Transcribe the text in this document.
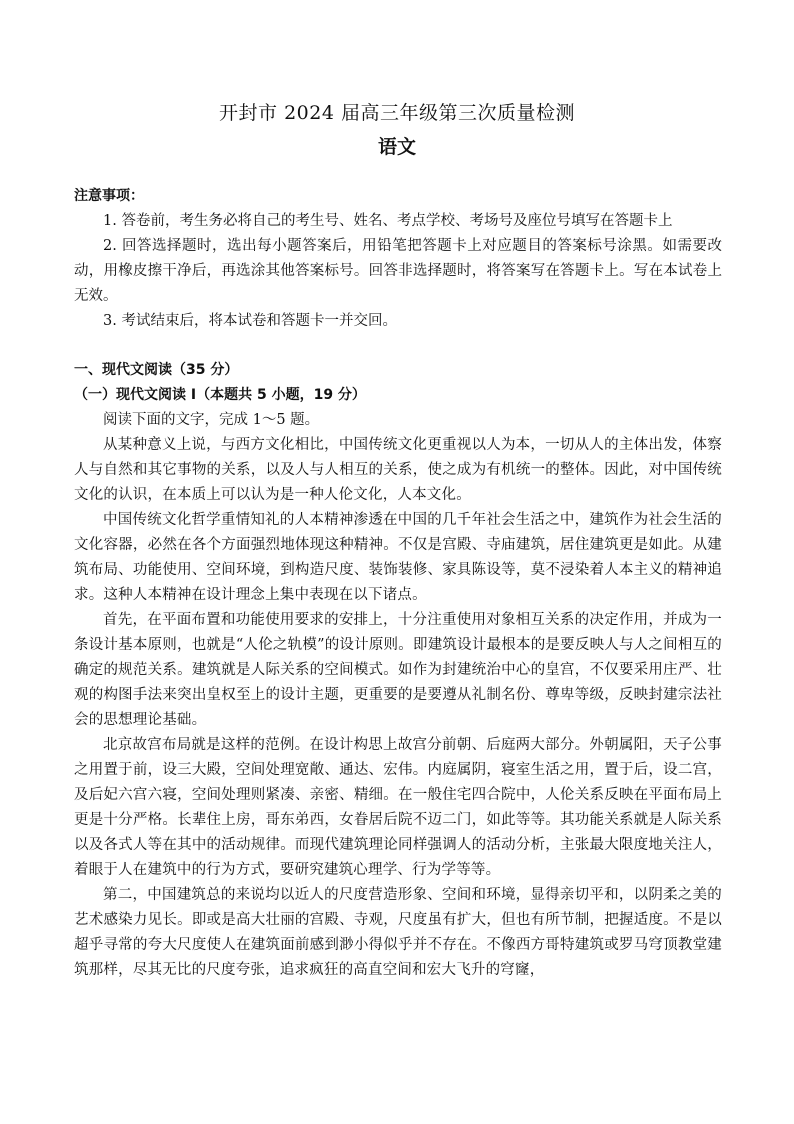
开封市 2024 届高三年级第三次质量检测
语文

注意事项：

1. 答卷前，考生务必将自己的考生号、姓名、考点学校、考场号及座位号填写在答题卡上

2. 回答选择题时，选出每小题答案后，用铅笔把答题卡上对应题目的答案标号涂黑。如需要改动，用橡皮擦干净后，再选涂其他答案标号。回答非选择题时，将答案写在答题卡上。写在本试卷上无效。

3. 考试结束后，将本试卷和答题卡一并交回。

一、现代文阅读（35 分）

（一）现代文阅读 I（本题共 5 小题，19 分）

阅读下面的文字，完成 1～5 题。

从某种意义上说，与西方文化相比，中国传统文化更重视以人为本，一切从人的主体出发，体察人与自然和其它事物的关系，以及人与人相互的关系，使之成为有机统一的整体。因此，对中国传统文化的认识，在本质上可以认为是一种人伦文化，人本文化。

中国传统文化哲学重情知礼的人本精神渗透在中国的几千年社会生活之中，建筑作为社会生活的文化容器，必然在各个方面强烈地体现这种精神。不仅是宫殿、寺庙建筑，居住建筑更是如此。从建筑布局、功能使用、空间环境，到构造尺度、装饰装修、家具陈设等，莫不浸染着人本主义的精神追求。这种人本精神在设计理念上集中表现在以下诸点。

首先，在平面布置和功能使用要求的安排上，十分注重使用对象相互关系的决定作用，并成为一条设计基本原则，也就是“人伦之轨模”的设计原则。即建筑设计最根本的是要反映人与人之间相互的确定的规范关系。建筑就是人际关系的空间模式。如作为封建统治中心的皇宫，不仅要采用庄严、壮观的构图手法来突出皇权至上的设计主题，更重要的是要遵从礼制名份、尊卑等级，反映封建宗法社会的思想理论基础。

北京故宫布局就是这样的范例。在设计构思上故宫分前朝、后庭两大部分。外朝属阳，天子公事之用置于前，设三大殿，空间处理宽敞、通达、宏伟。内庭属阴，寝室生活之用，置于后，设二宫，及后妃六宫六寝，空间处理则紧凑、亲密、精细。在一般住宅四合院中，人伦关系反映在平面布局上更是十分严格。长辈住上房，哥东弟西，女眷居后院不迈二门，如此等等。其功能关系就是人际关系以及各式人等在其中的活动规律。而现代建筑理论同样强调人的活动分析，主张最大限度地关注人，着眼于人在建筑中的行为方式，要研究建筑心理学、行为学等等。

第二，中国建筑总的来说均以近人的尺度营造形象、空间和环境，显得亲切平和，以阴柔之美的艺术感染力见长。即或是高大壮丽的宫殿、寺观，尺度虽有扩大，但也有所节制，把握适度。不是以超乎寻常的夸大尺度使人在建筑面前感到渺小得似乎并不存在。不像西方哥特建筑或罗马穹顶教堂建筑那样，尽其无比的尺度夸张，追求疯狂的高直空间和宏大飞升的穹窿，
